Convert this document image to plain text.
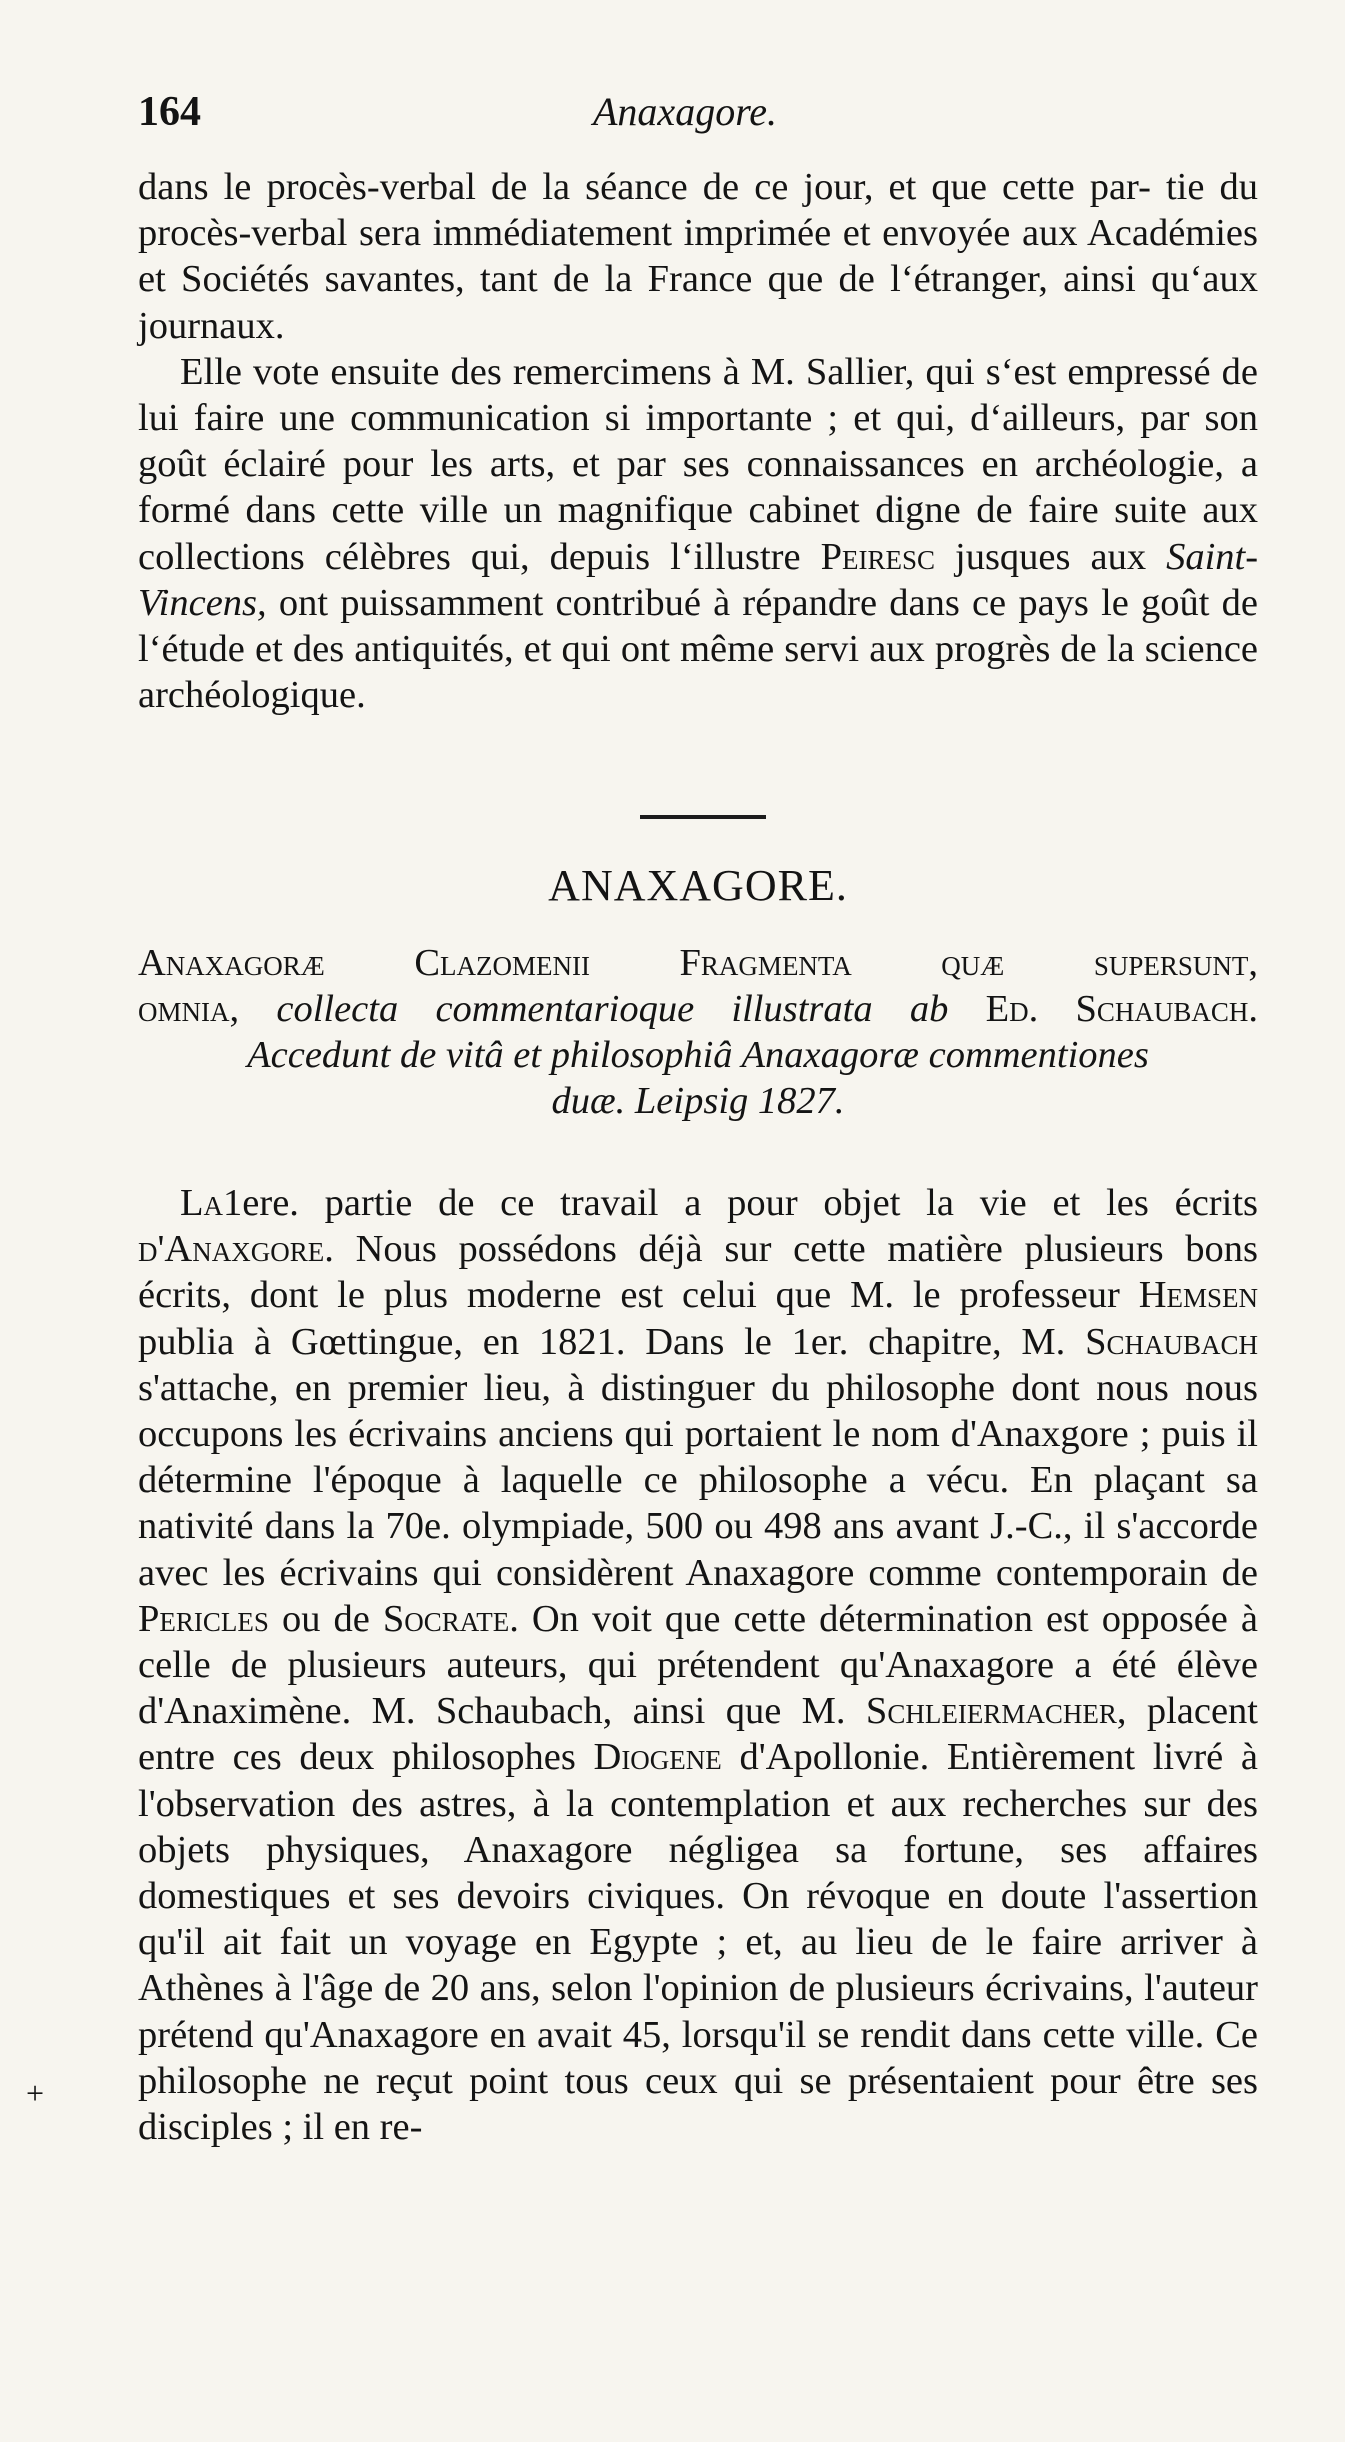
164	Anaxagore.

dans le procès-verbal de la séance de ce jour, et que cette par- tie du procès-verbal sera immédiatement imprimée et envoyée aux Académies et Sociétés savantes, tant de la France que de l‘étranger, ainsi qu‘aux journaux.

Elle vote ensuite des remercimens à M. Sallier, qui s‘est empressé de lui faire une communication si importante ; et qui, d‘ailleurs, par son goût éclairé pour les arts, et par ses connaissances en archéologie, a formé dans cette ville un magnifique cabinet digne de faire suite aux collections célèbres qui, depuis l‘illustre Peiresc jusques aux Saint-Vincens, ont puissamment contribué à répandre dans ce pays le goût de l‘étude et des antiquités, et qui ont même servi aux progrès de la science archéologique.

ANAXAGORE.
Anaxagoræ Clazomenii Fragmenta quæ supersunt,
omnia, collecta commentarioque illustrata ab Ed. Schaubach.
Accedunt de vitâ et philosophiâ Anaxagoræ commentiones
duæ. Leipsig 1827.

La1ere. partie de ce travail a pour objet la vie et les écrits d'Anaxgore. Nous possédons déjà sur cette matière plusieurs bons écrits, dont le plus moderne est celui que M. le professeur Hemsen publia à Gœttingue, en 1821. Dans le 1er. chapitre, M. Schaubach s'attache, en premier lieu, à distinguer du philosophe dont nous nous occupons les écrivains anciens qui portaient le nom d'Anaxgore ; puis il détermine l'époque à laquelle ce philosophe a vécu. En plaçant sa nativité dans la 70e. olympiade, 500 ou 498 ans avant J.-C., il s'accorde avec les écrivains qui considèrent Anaxagore comme contemporain de Pericles ou de Socrate. On voit que cette détermination est opposée à celle de plusieurs auteurs, qui prétendent qu'Anaxagore a été élève d'Anaximène. M. Schaubach, ainsi que M. Schleiermacher, placent entre ces deux philosophes Diogene d'Apollonie. Entièrement livré à l'observation des astres, à la contemplation et aux recherches sur des objets physiques, Anaxagore négligea sa fortune, ses affaires domestiques et ses devoirs civiques. On révoque en doute l'assertion qu'il ait fait un voyage en Egypte ; et, au lieu de le faire arriver à Athènes à l'âge de 20 ans, selon l'opinion de plusieurs écrivains, l'auteur prétend qu'Anaxagore en avait 45, lorsqu'il se rendit dans cette ville. Ce philosophe ne reçut point tous ceux qui se présentaient pour être ses disciples ; il en re-

+
